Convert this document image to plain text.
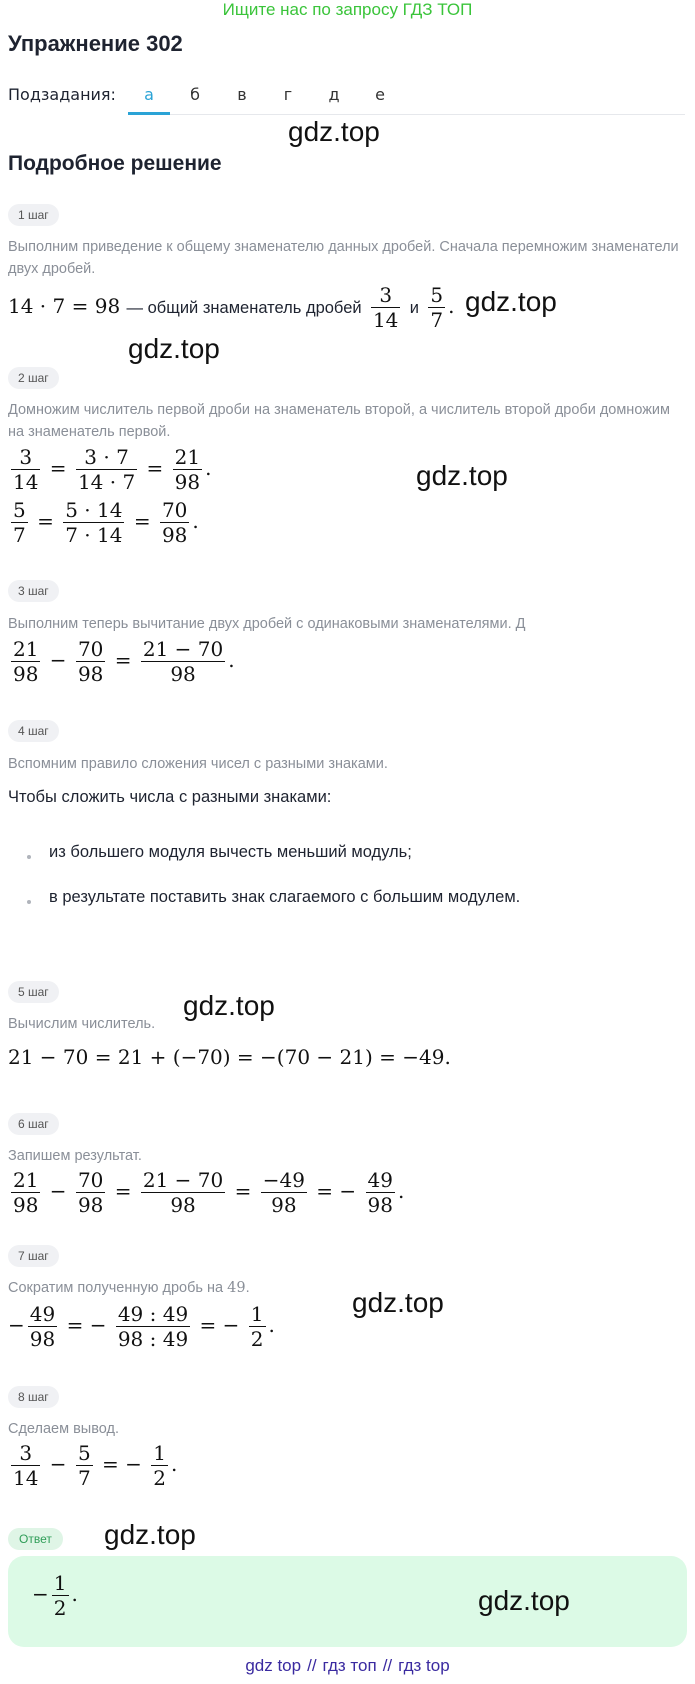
Ищите нас по запросу ГДЗ ТОП
Упражнение 302
Подзадания:	а	б	в	г	д	е
gdz.top
gdz.top
gdz.top
gdz.top
gdz.top
gdz.top
gdz.top
Подробное решение
1 шаг
Выполним приведение к общему знаменателю данных дробей. Сначала перемножим знаменатели двух дробей.
14 · 7 = 98 — общий знаменатель дробей $\frac{3}{14}$ и $\frac{5}{7}$ .
2 шаг
Домножим числитель первой дроби на знаменатель второй, а числитель второй дроби домножим на знаменатель первой.
$\frac{3}{14} = \frac{3 \cdot 7}{14 \cdot 7} = \frac{21}{98}$ .
$\frac{5}{7} = \frac{5 \cdot 14}{7 \cdot 14} = \frac{70}{98}$ .
3 шаг
Выполним теперь вычитание двух дробей с одинаковыми знаменателями. Д
$\frac{21}{98} - \frac{70}{98} = \frac{21 - 70}{98}$ .
4 шаг
Вспомним правило сложения чисел с разными знаками.
Чтобы сложить числа с разными знаками:
из большего модуля вычесть меньший модуль;
в результате поставить знак слагаемого с большим модулем.
5 шаг
Вычислим числитель.
21 − 70 = 21 + (−70) = −(70 − 21) = −49.
6 шаг
Запишем результат.
$\frac{21}{98} - \frac{70}{98} = \frac{21 - 70}{98} = \frac{-49}{98}$ = − $\frac{49}{98}$ .
7 шаг
Сократим полученную дробь на 49.
− $\frac{49}{98}$ = − $\frac{49 : 49}{98 : 49}$ = − $\frac{1}{2}$ .
8 шаг
Сделаем вывод.
$\frac{3}{14} - \frac{5}{7}$ = − $\frac{1}{2}$ .
Ответ
− $\frac{1}{2}$ .	gdz.top
gdz top // гдз топ // гдз top
